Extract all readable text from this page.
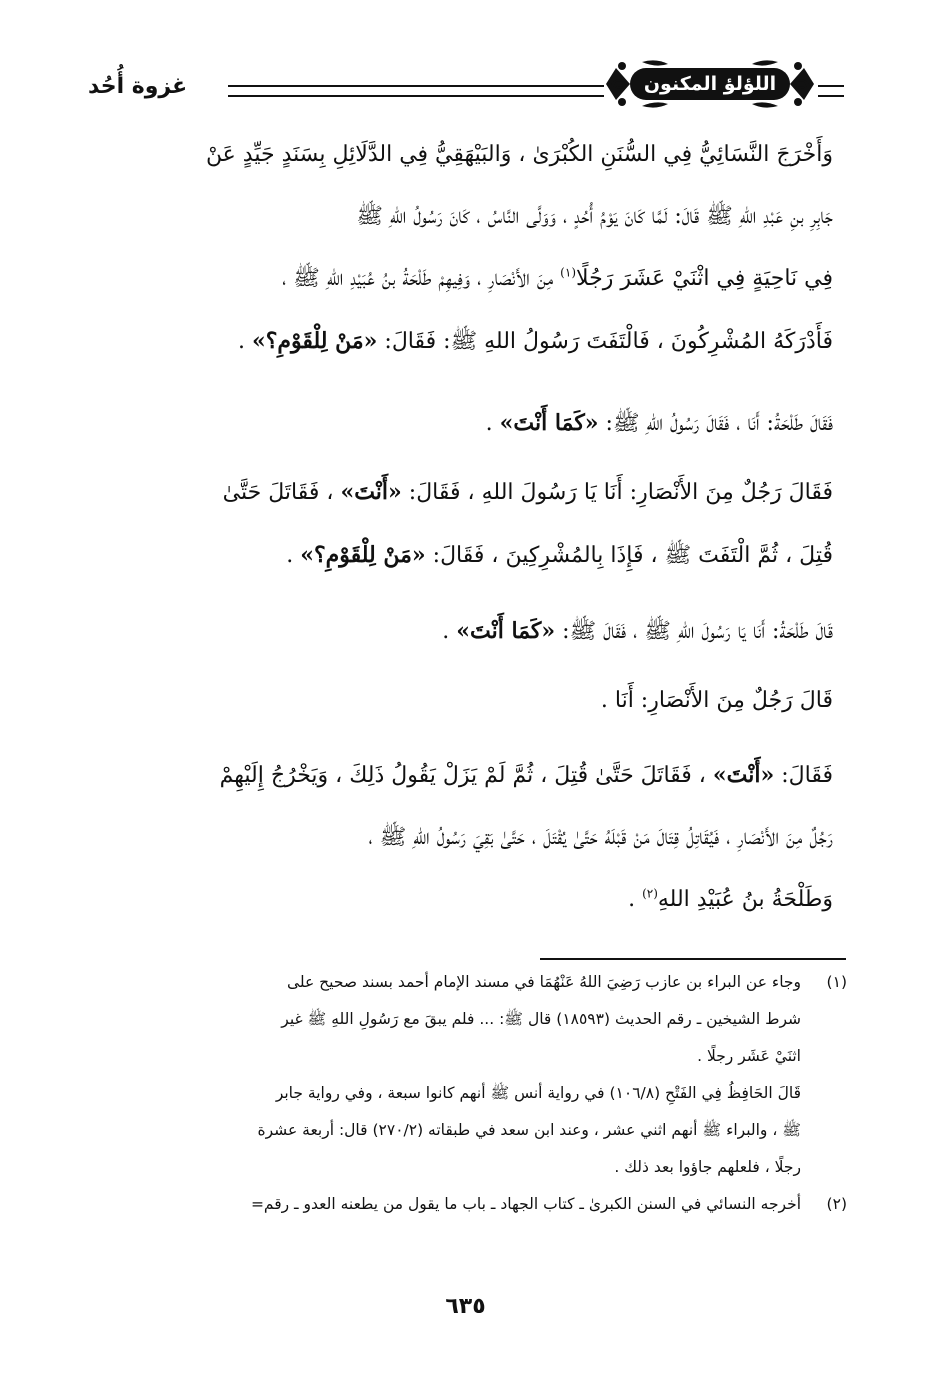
غزوة أُحُد	اللؤلؤ المكنون
وَأَخْرَجَ النَّسَائِيُّ فِي السُّنَنِ الكُبْرَىٰ ، وَالبَيْهَقِيُّ فِي الدَّلَائِلِ بِسَنَدٍ جَيِّدٍ عَنْ
جَابِرِ بنِ عَبْدِ اللهِ ﷺ قَالَ: لَمَّا كَانَ يَوْمُ أُحُدٍ ، وَوَلَّى النَّاسُ ، كَانَ رَسُولُ اللهِ ﷺ
فِي نَاحِيَةٍ فِي اثْنَيْ عَشَرَ رَجُلًا$^{(١)}$ مِنَ الأَنْصَارِ ، وَفِيهِمْ طَلْحَةُ بنُ عُبَيْدِ اللهِ ﷺ ،
فَأَدْرَكَهُ المُشْرِكُونَ ، فَالْتَفَتَ رَسُولُ اللهِ ﷺ: فَقَالَ: «مَنْ لِلْقَوْمِ؟» .
فَقَالَ طَلْحَةُ: أَنَا ، فَقَالَ رَسُولُ اللهِ ﷺ: «كَمَا أَنْتَ» .
فَقَالَ رَجُلٌ مِنَ الأَنْصَارِ: أَنَا يَا رَسُولَ اللهِ ، فَقَالَ: «أَنْتَ» ، فَقَاتَلَ حَتَّىٰ
قُتِلَ ، ثُمَّ الْتَفَتَ ﷺ ، فَإِذَا بِالمُشْرِكِينَ ، فَقَالَ: «مَنْ لِلْقَوْمِ؟» .
قَالَ طَلْحَةُ: أَنَا يَا رَسُولَ اللهِ ﷺ ، فَقَالَ ﷺ: «كَمَا أَنْتَ» .
قَالَ رَجُلٌ مِنَ الأَنْصَارِ: أَنَا .
فَقَالَ: «أَنْتَ» ، فَقَاتَلَ حَتَّىٰ قُتِلَ ، ثُمَّ لَمْ يَزَلْ يَقُولُ ذَلِكَ ، وَيَخْرُجُ إِلَيْهِمْ
رَجُلٌ مِنَ الأَنْصَارِ ، فَيُقَاتِلُ قِتَالَ مَنْ قَبْلَهُ حَتَّىٰ يُقْتَلَ ، حَتَّىٰ بَقِيَ رَسُولُ اللهِ ﷺ ،
وَطَلْحَةُ بنُ عُبَيْدِ اللهِ$^{(٢)}$ .
(١)
وجاء عن البراء بن عازب رَضِيَ اللهُ عَنْهُمَا في مسند الإمام أحمد بسند صحيح على
شرط الشيخين ـ رقم الحديث (١٨٥٩٣) قال ﷺ: ... فلم يبقَ مع رَسُولِ اللهِ ﷺ غير
اثنَيْ عَشَر رجلًا .
قَالَ الحَافِظُ فِي الفَتْحِ (١٠٦/٨) في رواية أنس ﷺ أنهم كانوا سبعة ، وفي رواية جابر
ﷺ ، والبراء ﷺ أنهم اثني عشر ، وعند ابن سعد في طبقاته (٢٧٠/٢) قال: أربعة عشرة
رجلًا ، فلعلهم جاؤوا بعد ذلك .
(٢)
أخرجه النسائي في السنن الكبرىٰ ـ كتاب الجهاد ـ باب ما يقول من يطعنه العدو ـ رقم=
٦٣٥
